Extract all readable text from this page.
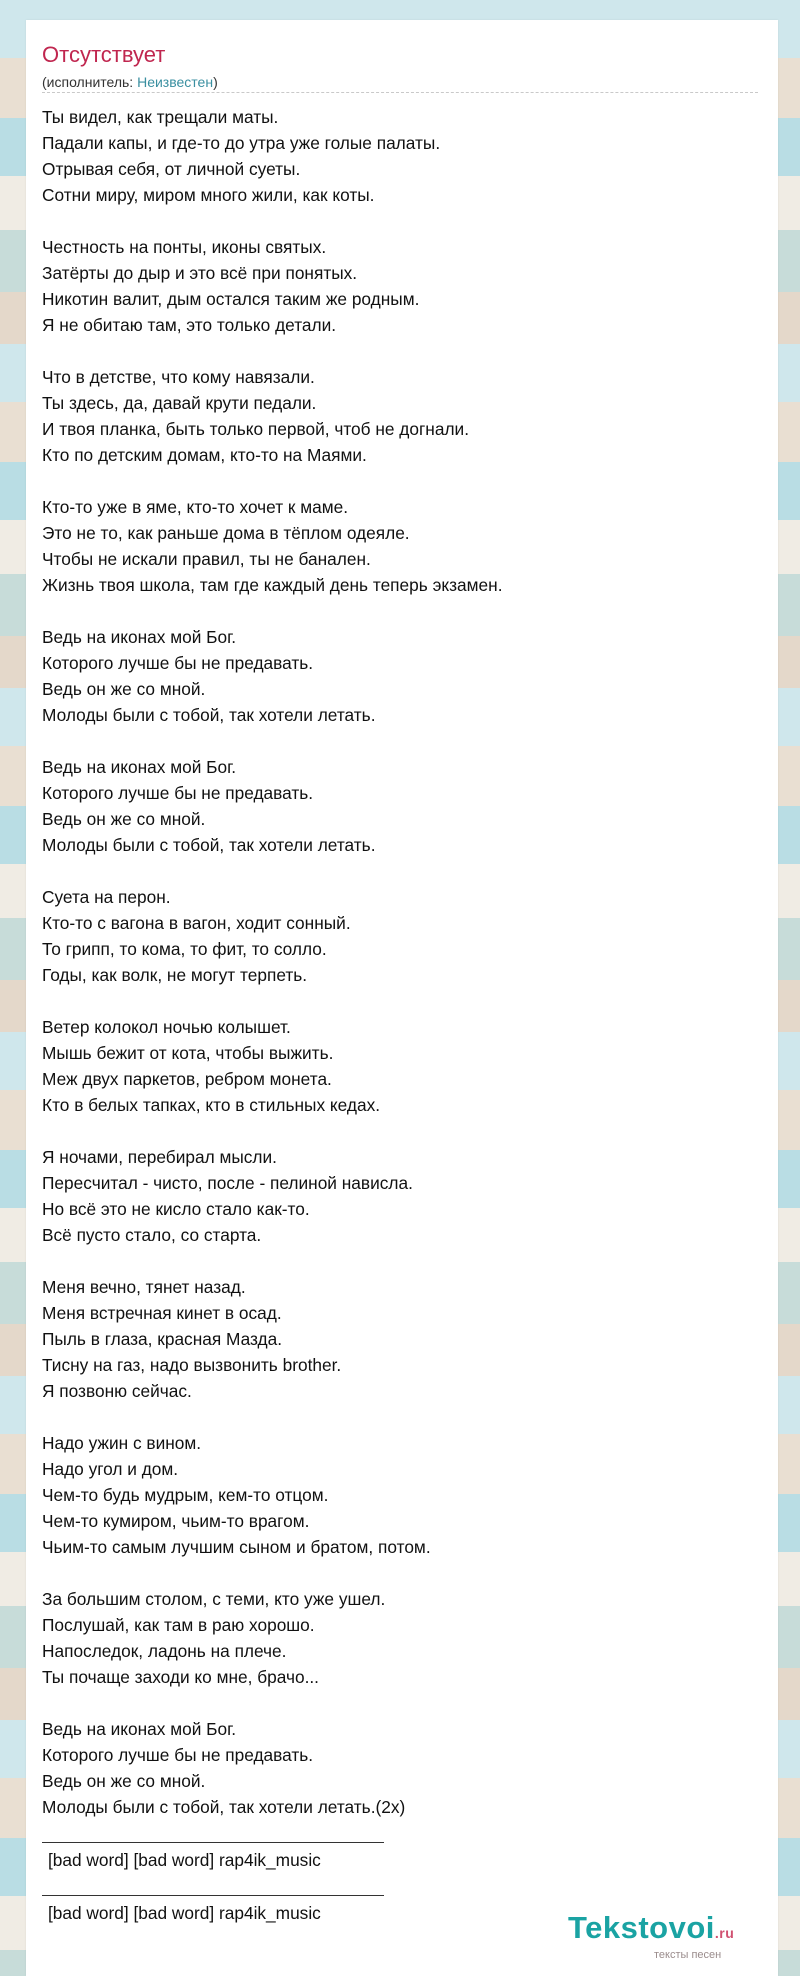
Отсутствует
(исполнитель: Неизвестен)
Ты видел, как трещали маты.
Падали капы, и где-то до утра уже голые палаты.
Отрывая себя, от личной суеты.
Сотни миру, миром много жили, как коты.
Честность на понты, иконы святых.
Затёрты до дыр и это всё при понятых.
Никотин валит, дым остался таким же родным.
Я не обитаю там, это только детали.
Что в детстве, что кому навязали.
Ты здесь, да, давай крути педали.
И твоя планка, быть только первой, чтоб не догнали.
Кто по детским домам, кто-то на Маями.
Кто-то уже в яме, кто-то хочет к маме.
Это не то, как раньше дома в тёплом одеяле.
Чтобы не искали правил, ты не банален.
Жизнь твоя школа, там где каждый день теперь экзамен.
Ведь на иконах мой Бог.
Которого лучше бы не предавать.
Ведь он же со мной.
Молоды были с тобой, так хотели летать.
Ведь на иконах мой Бог.
Которого лучше бы не предавать.
Ведь он же со мной.
Молоды были с тобой, так хотели летать.
Суета на перон.
Кто-то с вагона в вагон, ходит сонный.
То грипп, то кома, то фит, то солло.
Годы, как волк, не могут терпеть.
Ветер колокол ночью колышет.
Мышь бежит от кота, чтобы выжить.
Меж двух паркетов, ребром монета.
Кто в белых тапках, кто в стильных кедах.
Я ночами, перебирал мысли.
Пересчитал - чисто, после - пелиной нависла.
Но всё это не кисло стало как-то.
Всё пусто стало, со старта.
Меня вечно, тянет назад.
Меня встречная кинет в осад.
Пыль в глаза, красная Мазда.
Тисну на газ, надо вызвонить brother.
Я позвоню сейчас.
Надо ужин с вином.
Надо угол и дом.
Чем-то будь мудрым, кем-то отцом.
Чем-то кумиром, чьим-то врагом.
Чьим-то самым лучшим сыном и братом, потом.
За большим столом, с теми, кто уже ушел.
Послушай, как там в раю хорошо.
Напоследок, ладонь на плече.
Ты почаще заходи ко мне, брачо...
Ведь на иконах мой Бог.
Которого лучше бы не предавать.
Ведь он же со мной.
Молоды были с тобой, так хотели летать.(2х)
[bad word] [bad word] rap4ik_music
[bad word] [bad word] rap4ik_music	Tekstovoi.ru
тексты песен
